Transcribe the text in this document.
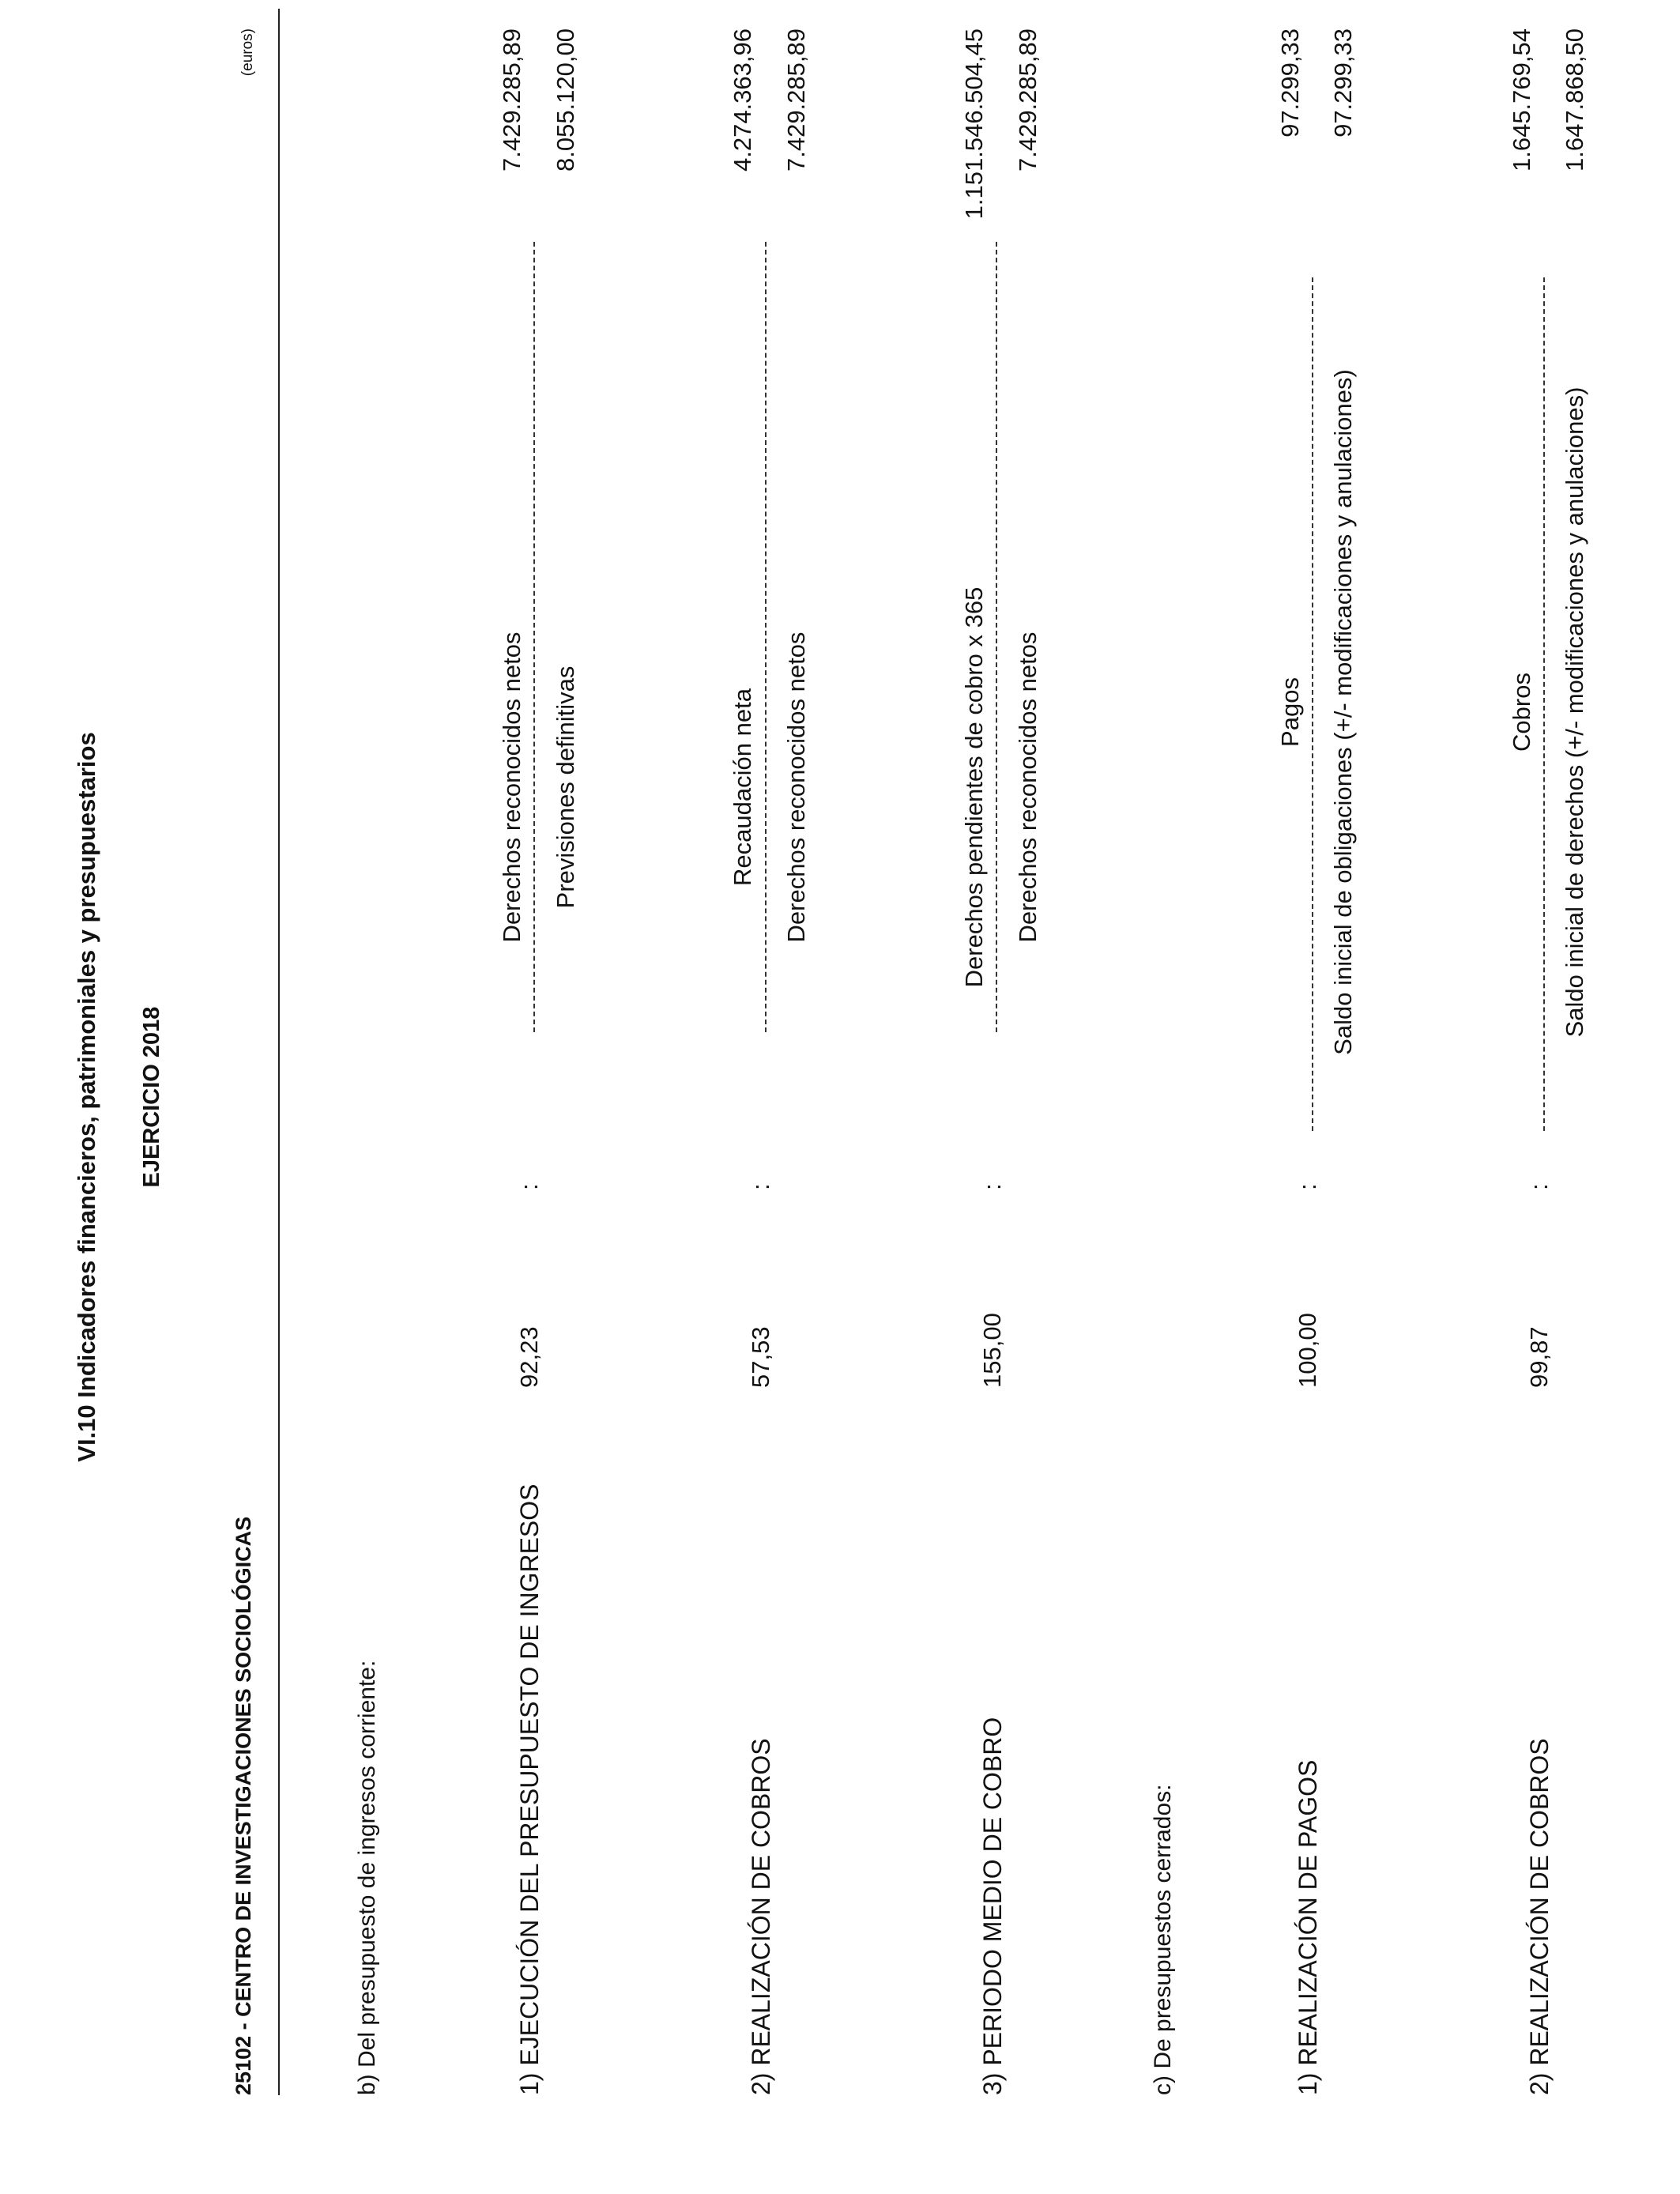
VI.10 Indicadores financieros, patrimoniales y presupuestarios EJERCICIO 2018
25102 - CENTRO DE INVESTIGACIONES SOCIOLÓGICAS
(euros)
b) Del presupuesto de ingresos corriente:	1) EJECUCIÓN DEL PRESUPUESTO DE INGRESOS
92,23
:
Derechos reconocidos netos Previsiones definitivas
7.429.285,89 8.055.120,00
2) REALIZACIÓN DE COBROS
57,53
:
Recaudación neta Derechos reconocidos netos
4.274.363,96 7.429.285,89
3) PERIODO MEDIO DE COBRO
155,00
:
Derechos pendientes de cobro x 365 Derechos reconocidos netos
1.151.546.504,45 7.429.285,89
c) De presupuestos cerrados:	1) REALIZACIÓN DE PAGOS
100,00
:
Pagos Saldo inicial de obligaciones (+/- modificaciones y anulaciones)
97.299,33 97.299,33
2) REALIZACIÓN DE COBROS
99,87
:
Cobros Saldo inicial de derechos (+/- modificaciones y anulaciones)
1.645.769,54 1.647.868,50
